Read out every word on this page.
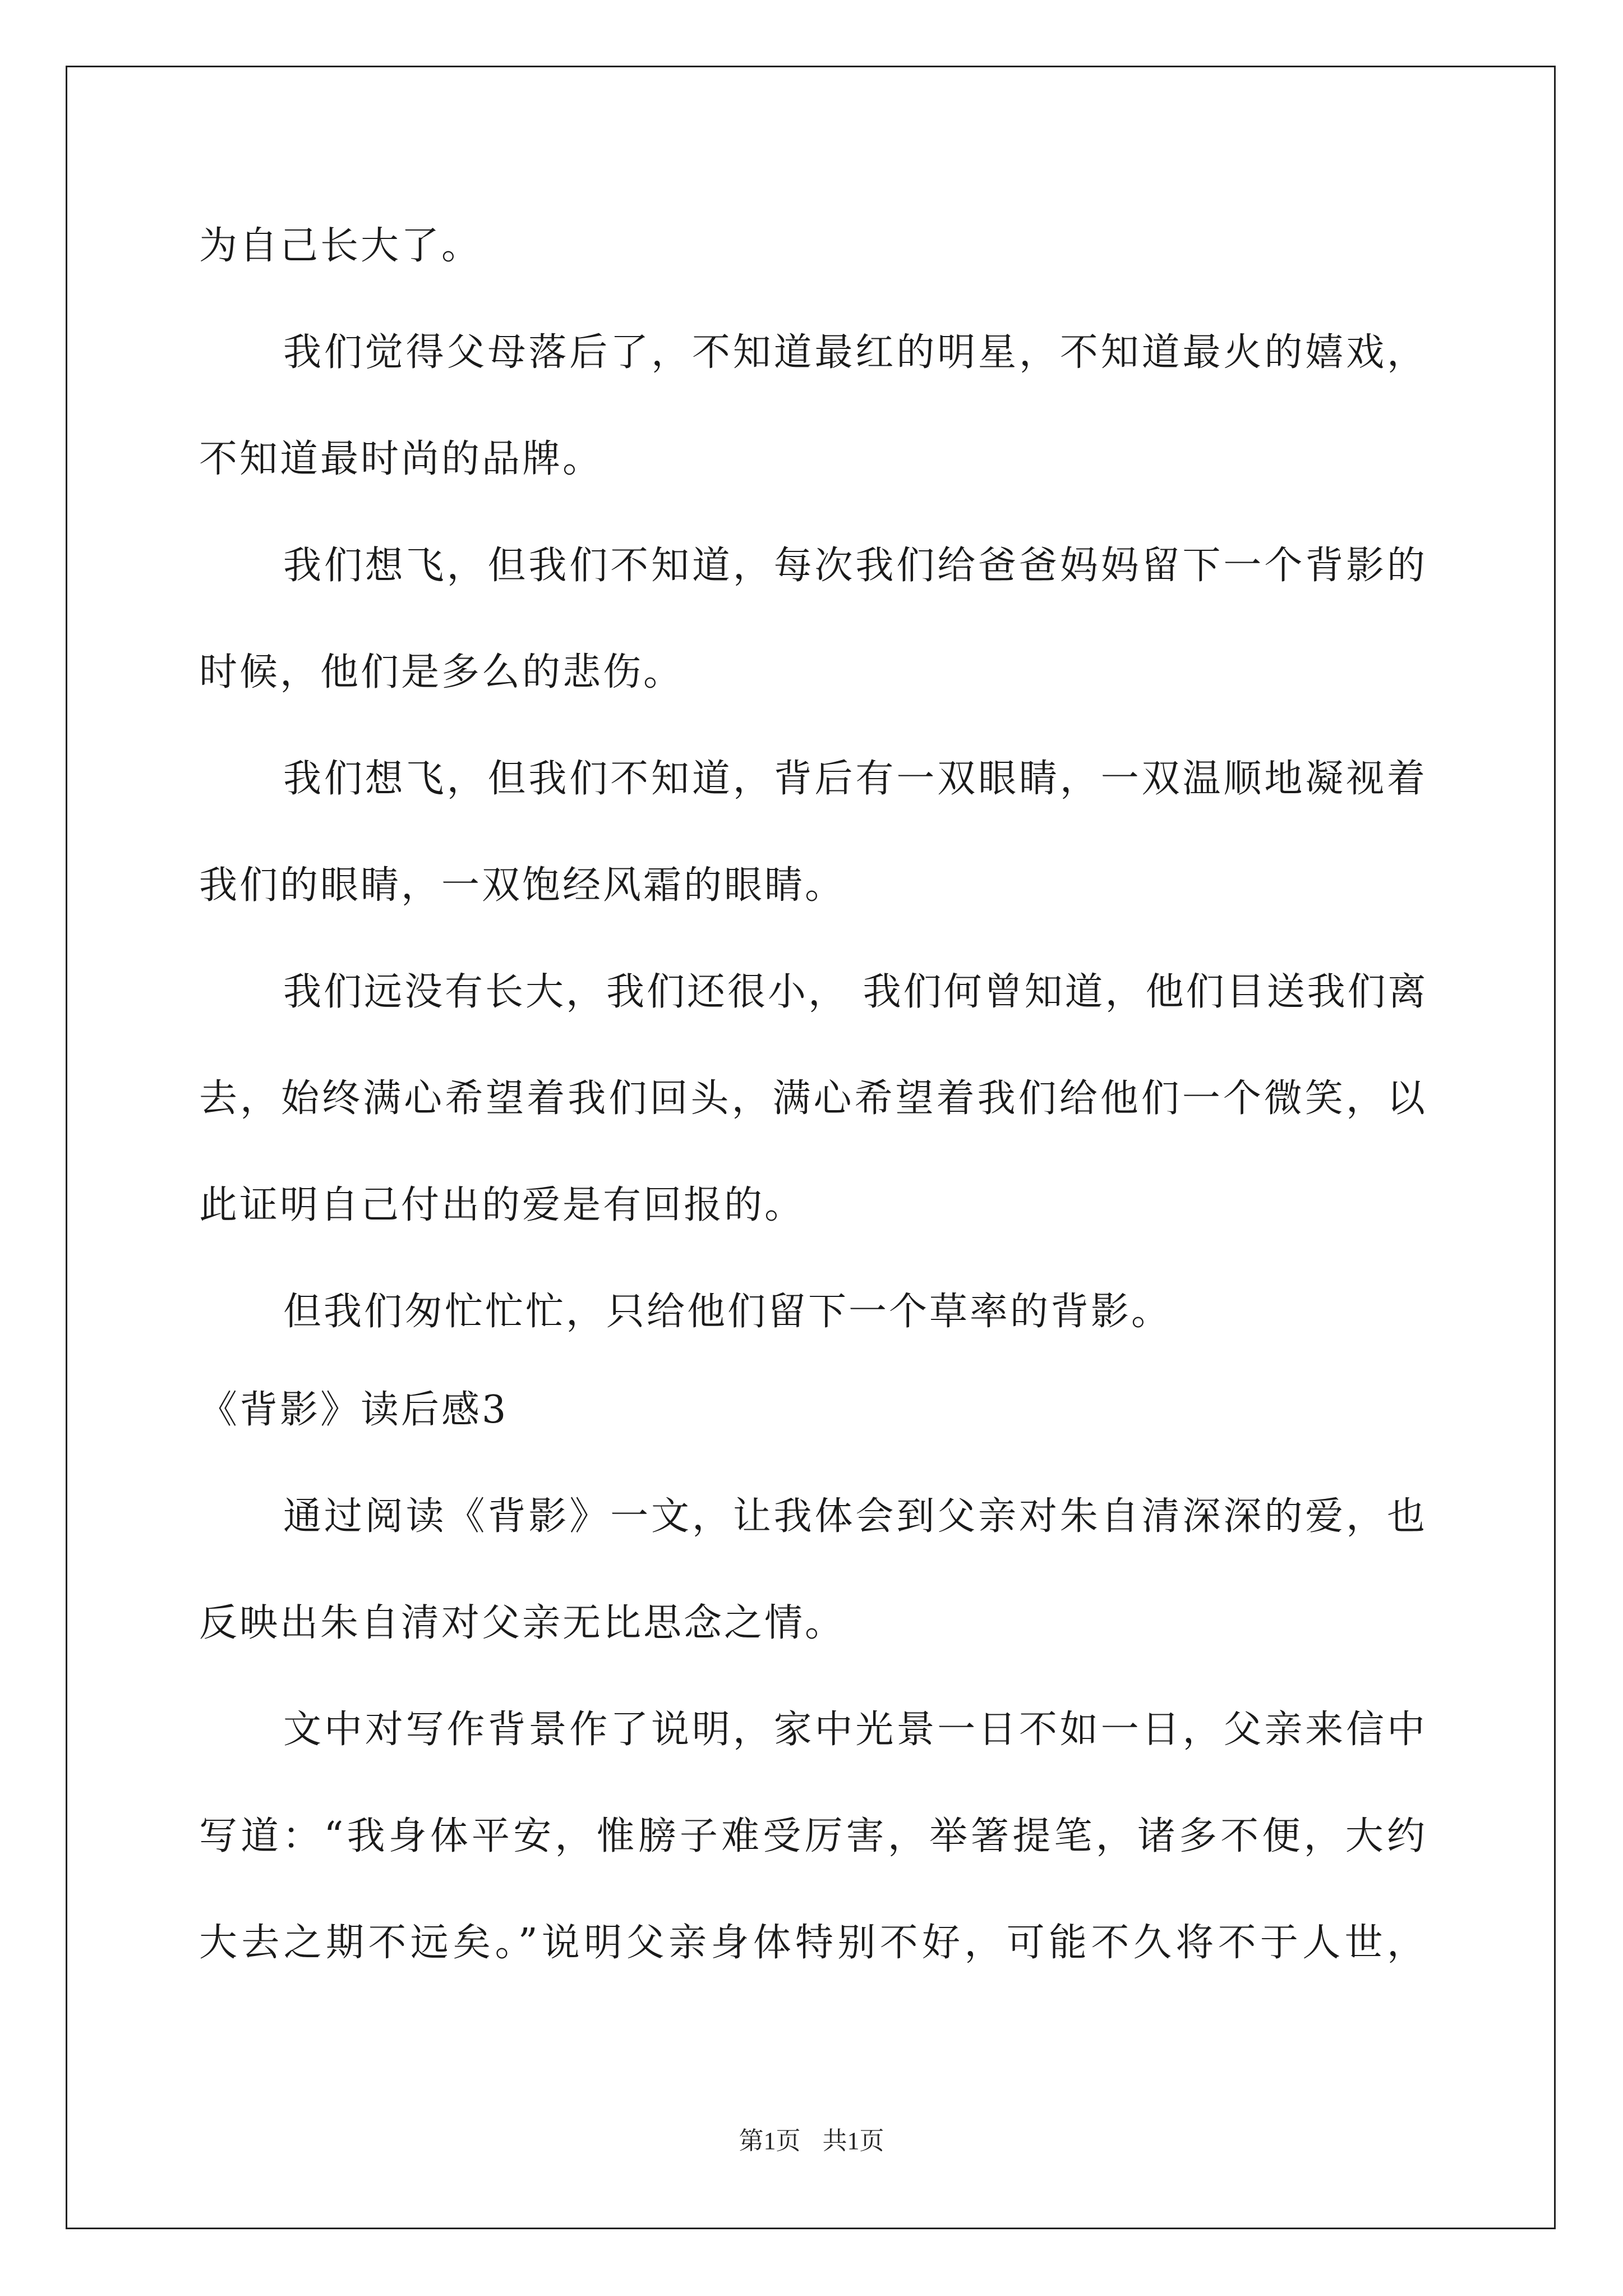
为自己长大了。
我们觉得父母落后了，不知道最红的明星，不知道最火的嬉戏，
不知道最时尚的品牌。
我们想飞，但我们不知道，每次我们给爸爸妈妈留下一个背影的
时候，他们是多么的悲伤。
我们想飞，但我们不知道，背后有一双眼睛，一双温顺地凝视着
我们的眼睛，一双饱经风霜的眼睛。
我们远没有长大，我们还很小， 我们何曾知道，他们目送我们离
去，始终满心希望着我们回头，满心希望着我们给他们一个微笑，以
此证明自己付出的爱是有回报的。
但我们匆忙忙忙，只给他们留下一个草率的背影。
《背影》读后感3
通过阅读《背影》一文，让我体会到父亲对朱自清深深的爱，也
反映出朱自清对父亲无比思念之情。
文中对写作背景作了说明，家中光景一日不如一日，父亲来信中
写道：“我身体平安，惟膀子难受厉害，举箸提笔，诸多不便，大约
大去之期不远矣。”说明父亲身体特别不好，可能不久将不于人世，
第1页 共1页
